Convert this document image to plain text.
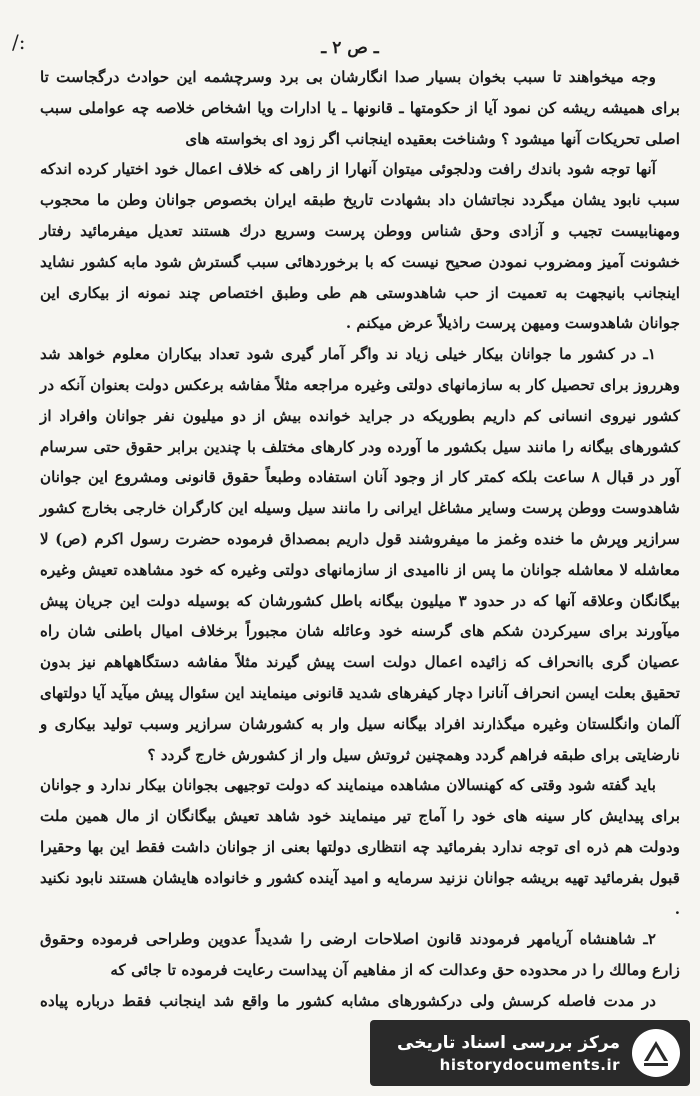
/:	ـ ص ۲ ـ

وجه میخواهند تا سبب بخوان بسیار صدا انگارشان بی برد وسرچشمه این حوادث درگجاست تا برای همیشه ریشه کن نمود آیا از حکومتها ـ قانونها ـ یا ادارات ویا اشخاص خلاصه چه عواملی سبب اصلی تحریکات آنها میشود ؟ وشناخت بعقیده اینجانب اگر زود ای بخواسته های

آنها توجه شود باندك رافت ودلجوئی میتوان آنهارا از راهی که خلاف اعمال خود اختیار کرده اندکه سبب نابود یشان میگردد نجاتشان داد بشهادت تاریخ طبقه ایران بخصوص جوانان وطن ما محجوب ومهنابیست تجیب و آزادی وحق شناس ووطن پرست وسریع درك هستند تعدیل میفرمائید رفتار خشونت آمیز ومضروب نمودن صحیح نیست که با برخوردهائی سبب گسترش شود مابه کشور نشاید اینجانب بانیجهت به تعمیت از حب شاهدوستی هم طی وطبق اختصاص چند نمونه از بیکاری این جوانان شاهدوست ومیهن پرست راذیلاً عرض میکنم .

۱ـ در کشور ما جوانان بیکار خیلی زیاد ند واگر آمار گیری شود تعداد بیکاران معلوم خواهد شد وهرروز برای تحصیل کار به سازمانهای دولتی وغیره مراجعه مثلاً مفاشه برعکس دولت بعنوان آنکه در کشور نیروی انسانی کم داریم بطوریکه در جراید خوانده بیش از دو میلیون نفر جوانان وافراد از کشورهای بیگانه را مانند سیل بکشور ما آورده ودر کارهای مختلف با چندین برابر حقوق حتی سرسام آور در قبال ۸ ساعت بلکه کمتر کار از وجود آنان استفاده وطبعاً حقوق قانونی ومشروع این جوانان شاهدوست ووطن پرست وسایر مشاغل ایرانی را مانند سیل وسیله این کارگران خارجی بخارج کشور سرازیر وپرش ما خنده وغمز ما میفروشند قول داریم بمصداق فرموده حضرت رسول اکرم (ص) لا معاشله لا معاشله جوانان ما پس از ناامیدی از سازمانهای دولتی وغیره که خود مشاهده تعیش وغیره بیگانگان وعلاقه آنها که در حدود ۳ میلیون بیگانه باطل کشورشان که بوسیله دولت این جریان پیش میآورند برای سیرکردن شکم های گرسنه خود وعائله شان مجبوراً برخلاف امیال باطنی شان راه عصیان گری باانحراف که زائیده اعمال دولت است پیش گیرند مثلاً مفاشه دستگاههاهم نیز بدون تحقیق بعلت ایسن انحراف آنانرا دچار کیفرهای شدید قانونی مینمایند این سئوال پیش میآید آیا دولتهای آلمان وانگلستان وغیره میگذارند افراد بیگانه سیل وار به کشورشان سرازیر وسبب تولید بیکاری و نارضایتی برای طبقه فراهم گردد وهمچنین ثروتش سیل وار از کشورش خارج گردد ؟

باید گفته شود وقتی که کهنسالان مشاهده مینمایند که دولت توجیهی بجوانان بیکار ندارد و جوانان برای پیدایش کار سینه های خود را آماج تیر مینمایند خود شاهد تعیش بیگانگان از مال همین ملت ودولت هم ذره ای توجه ندارد بفرمائید چه انتظاری دولتها بعنی از جوانان داشت فقط این بها وحقیرا قبول بفرمائید تهیه بریشه جوانان نزنید سرمایه و امید آینده کشور و خانواده هایشان هستند نابود نکنید .

۲ـ شاهنشاه آریامهر فرمودند قانون اصلاحات ارضی را شدیداً عدوین وطراحی فرموده وحقوق زارع ومالك را در محدوده حق وعدالت که از مفاهیم آن پیداست رعایت فرموده تا جائی که

در مدت فاصله کرسش ولی درکشورهای مشابه کشور ما واقع شد اینجانب فقط درباره پیاده

مرکز بررسی اسناد تاریخی
historydocuments.ir
